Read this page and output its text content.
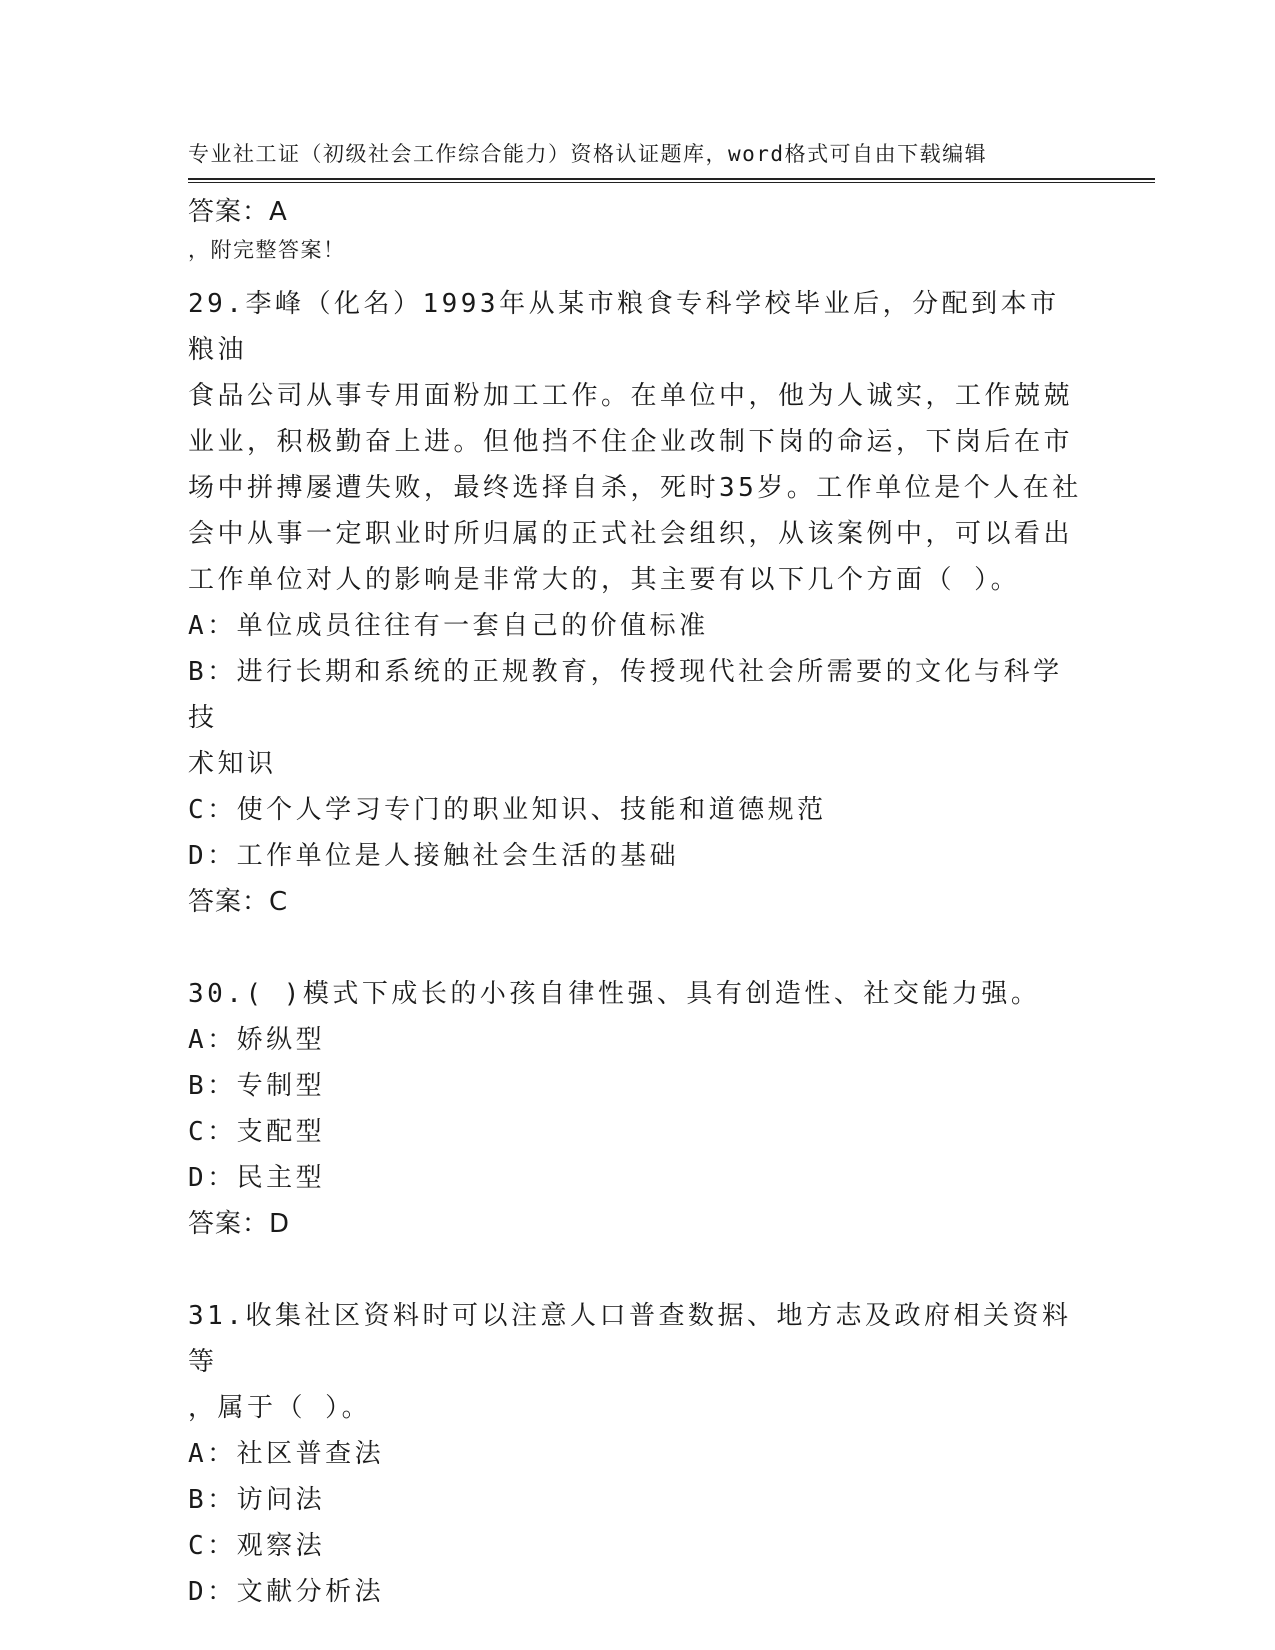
专业社工证（初级社会工作综合能力）资格认证题库，word格式可自由下载编辑

，附完整答案！

答案：A
29.李峰（化名）1993年从某市粮食专科学校毕业后，分配到本市粮油
食品公司从事专用面粉加工工作。在单位中，他为人诚实，工作兢兢
业业，积极勤奋上进。但他挡不住企业改制下岗的命运，下岗后在市
场中拼搏屡遭失败，最终选择自杀，死时35岁。工作单位是个人在社
会中从事一定职业时所归属的正式社会组织，从该案例中，可以看出
工作单位对人的影响是非常大的，其主要有以下几个方面（ ）。
A：单位成员往往有一套自己的价值标准
B：进行长期和系统的正规教育，传授现代社会所需要的文化与科学技
术知识
C：使个人学习专门的职业知识、技能和道德规范
D：工作单位是人接触社会生活的基础
答案：C
30.( )模式下成长的小孩自律性强、具有创造性、社交能力强。
A：娇纵型
B：专制型
C：支配型
D：民主型
答案：D
31.收集社区资料时可以注意人口普查数据、地方志及政府相关资料等
，属于（ ）。
A：社区普查法
B：访问法
C：观察法
D：文献分析法
